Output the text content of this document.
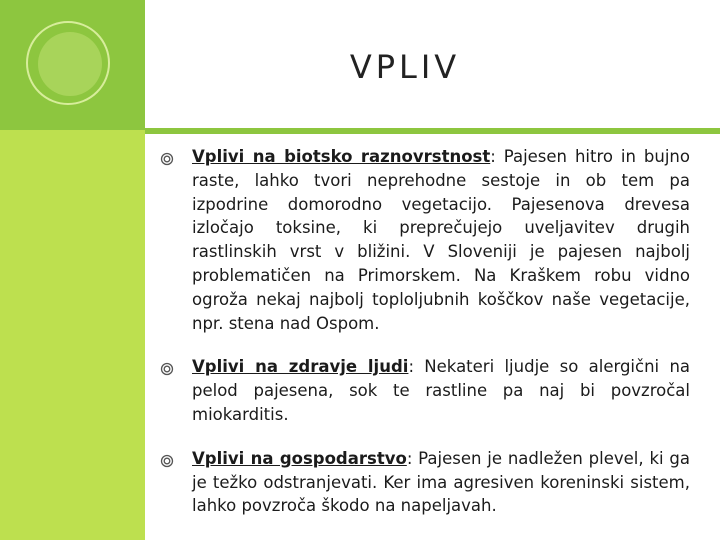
VPLIV
Vplivi na biotsko raznovrstnost: Pajesen hitro in bujno raste, lahko tvori neprehodne sestoje in ob tem pa izpodrine domorodno vegetacijo. Pajesenova drevesa izločajo toksine, ki preprečujejo uveljavitev drugih rastlinskih vrst v bližini. V Sloveniji je pajesen najbolj problematičen na Primorskem. Na Kraškem robu vidno ogroža nekaj najbolj toploljubnih koščkov naše vegetacije, npr. stena nad Ospom.
Vplivi na zdravje ljudi: Nekateri ljudje so alergični na pelod pajesena, sok te rastline pa naj bi povzročal miokarditis.
Vplivi na gospodarstvo: Pajesen je nadležen plevel, ki ga je težko odstranjevati. Ker ima agresiven koreninski sistem, lahko povzroča škodo na napeljavah.
